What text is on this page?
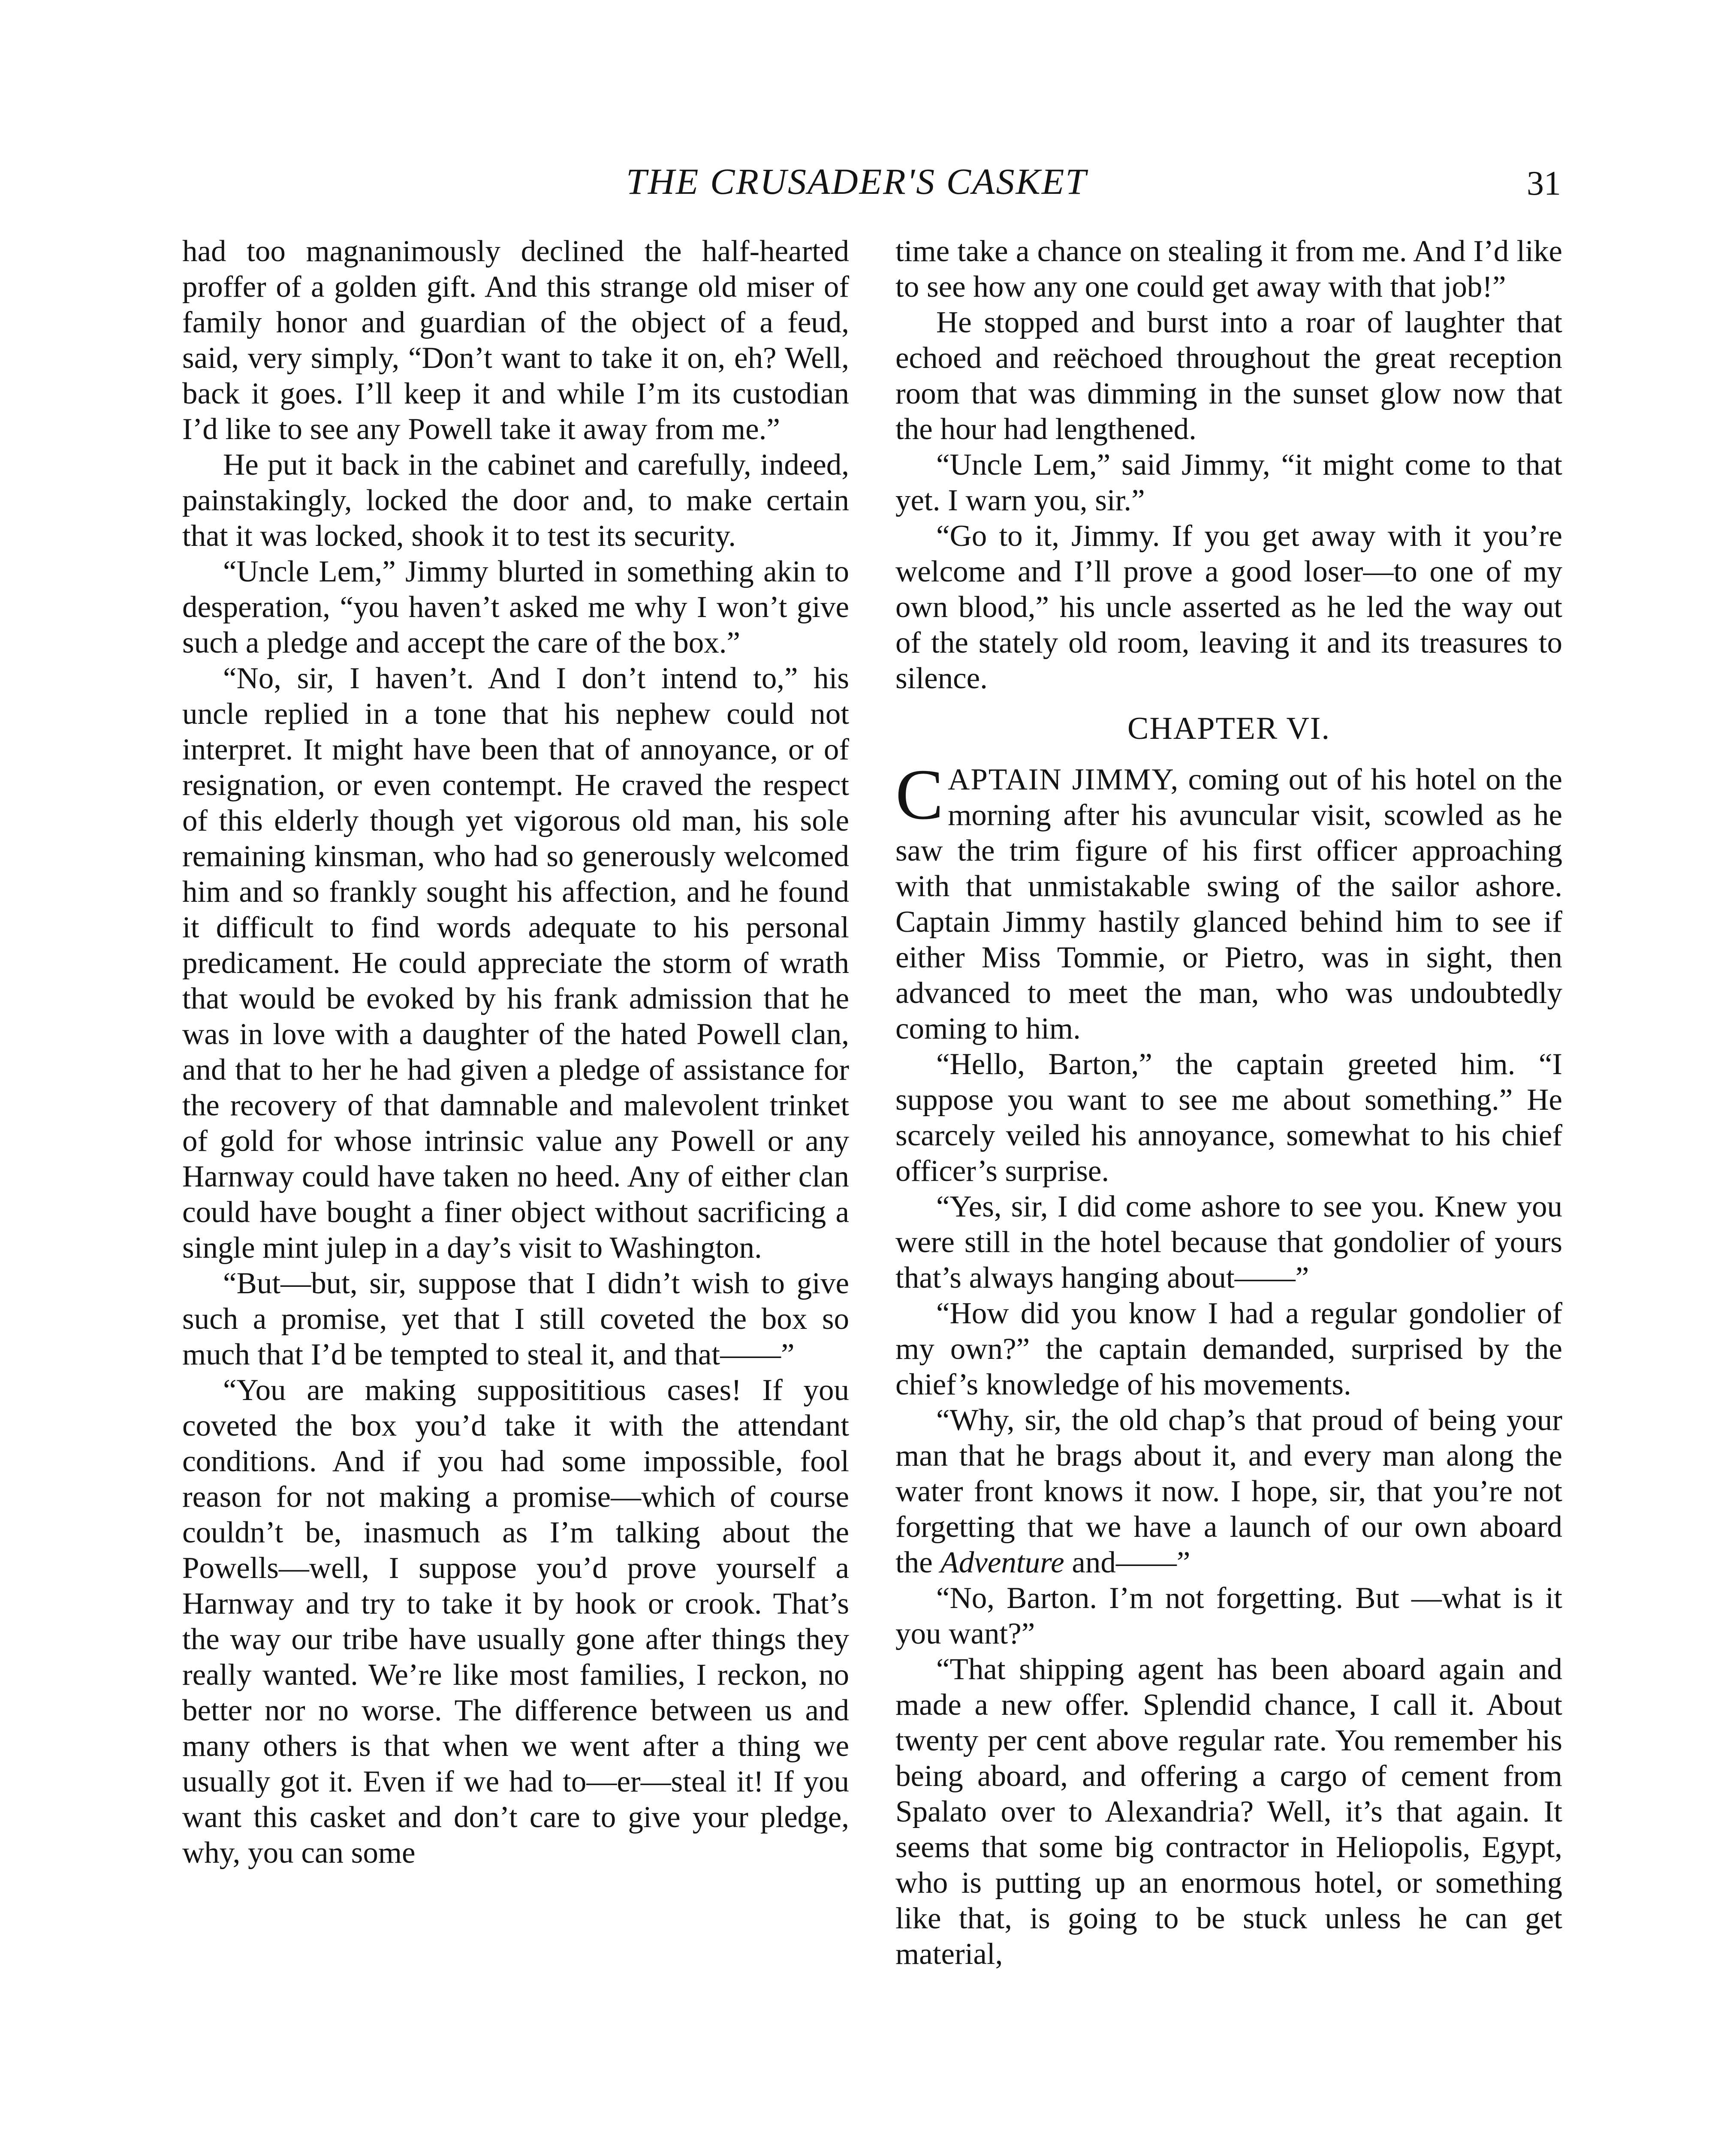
THE CRUSADER'S CASKET	31

had too magnanimously declined the half-hearted proffer of a golden gift. And this strange old miser of family honor and guardian of the object of a feud, said, very simply, “Don’t want to take it on, eh? Well, back it goes. I’ll keep it and while I’m its custodian I’d like to see any Powell take it away from me.”

He put it back in the cabinet and carefully, indeed, painstakingly, locked the door and, to make certain that it was locked, shook it to test its security.

“Uncle Lem,” Jimmy blurted in something akin to desperation, “you haven’t asked me why I won’t give such a pledge and accept the care of the box.”

“No, sir, I haven’t. And I don’t intend to,” his uncle replied in a tone that his nephew could not interpret. It might have been that of annoyance, or of resignation, or even contempt. He craved the respect of this elderly though yet vigorous old man, his sole remaining kinsman, who had so generously welcomed him and so frankly sought his affection, and he found it difficult to find words adequate to his personal predicament. He could appreciate the storm of wrath that would be evoked by his frank admission that he was in love with a daughter of the hated Powell clan, and that to her he had given a pledge of assistance for the recovery of that damnable and malevolent trinket of gold for whose intrinsic value any Powell or any Harnway could have taken no heed. Any of either clan could have bought a finer object without sacrificing a single mint julep in a day’s visit to Washington.

“But—but, sir, suppose that I didn’t wish to give such a promise, yet that I still coveted the box so much that I’d be tempted to steal it, and that——”

“You are making supposititious cases! If you coveted the box you’d take it with the attendant conditions. And if you had some impossible, fool reason for not making a promise—which of course couldn’t be, inasmuch as I’m talking about the Powells—well, I suppose you’d prove yourself a Harnway and try to take it by hook or crook. That’s the way our tribe have usually gone after things they really wanted. We’re like most families, I reckon, no better nor no worse. The difference between us and many others is that when we went after a thing we usually got it. Even if we had to—er—steal it! If you want this casket and don’t care to give your pledge, why, you can some

time take a chance on stealing it from me. And I’d like to see how any one could get away with that job!”

He stopped and burst into a roar of laughter that echoed and reëchoed throughout the great reception room that was dimming in the sunset glow now that the hour had lengthened.

“Uncle Lem,” said Jimmy, “it might come to that yet. I warn you, sir.”

“Go to it, Jimmy. If you get away with it you’re welcome and I’ll prove a good loser—to one of my own blood,” his uncle asserted as he led the way out of the stately old room, leaving it and its treasures to silence.

CHAPTER VI.

CAPTAIN JIMMY, coming out of his hotel on the morning after his avuncular visit, scowled as he saw the trim figure of his first officer approaching with that unmistakable swing of the sailor ashore. Captain Jimmy hastily glanced behind him to see if either Miss Tommie, or Pietro, was in sight, then advanced to meet the man, who was undoubtedly coming to him.

“Hello, Barton,” the captain greeted him. “I suppose you want to see me about something.” He scarcely veiled his annoyance, somewhat to his chief officer’s surprise.

“Yes, sir, I did come ashore to see you. Knew you were still in the hotel because that gondolier of yours that’s always hanging about——”

“How did you know I had a regular gondolier of my own?” the captain demanded, surprised by the chief’s knowledge of his movements.

“Why, sir, the old chap’s that proud of being your man that he brags about it, and every man along the water front knows it now. I hope, sir, that you’re not forgetting that we have a launch of our own aboard the Adventure and——”

“No, Barton. I’m not forgetting. But —what is it you want?”

“That shipping agent has been aboard again and made a new offer. Splendid chance, I call it. About twenty per cent above regular rate. You remember his being aboard, and offering a cargo of cement from Spalato over to Alexandria? Well, it’s that again. It seems that some big contractor in Heliopolis, Egypt, who is putting up an enormous hotel, or something like that, is going to be stuck unless he can get material,
